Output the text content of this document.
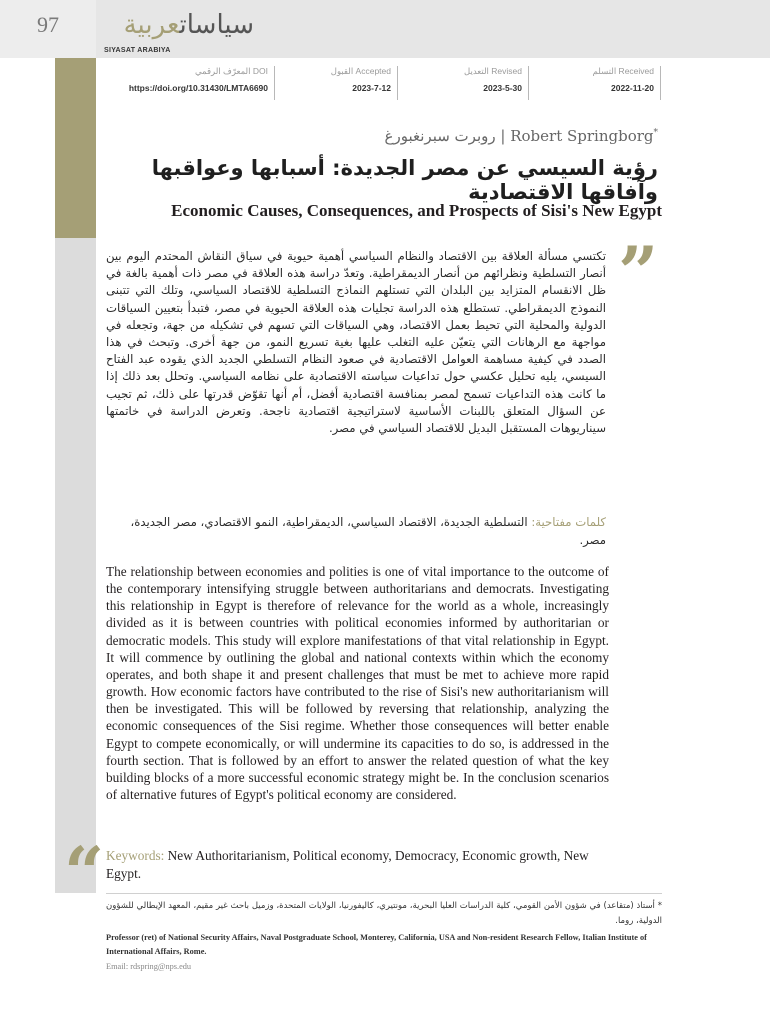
97	سياساتعربية
SIYASAT ARABIYA
المعرّف الرقمي DOI
https://doi.org/10.31430/LMTA6690
القبول Accepted
2023-7-12
التعديل Revised
2023-5-30
التسلم Received
2022-11-20
روبرت سبرنغبورغ | Robert Springborg*
رؤية السيسي عن مصر الجديدة: أسبابها وعواقبها وآفاقها الاقتصادية
Economic Causes, Consequences, and Prospects of Sisi's New Egypt
”
تكتسي مسألة العلاقة بين الاقتصاد والنظام السياسي أهمية حيوية في سياق النقاش المحتدم اليوم بين أنصار التسلطية ونظرائهم من أنصار الديمقراطية. وتعدّ دراسة هذه العلاقة في مصر ذات أهمية بالغة في ظل الانقسام المتزايد بين البلدان التي تستلهم النماذج التسلطية للاقتصاد السياسي، وتلك التي تتبنى النموذج الديمقراطي. تستطلع هذه الدراسة تجليات هذه العلاقة الحيوية في مصر، فتبدأ بتعيين السياقات الدولية والمحلية التي تحيط بعمل الاقتصاد، وهي السياقات التي تسهم في تشكيله من جهة، وتجعله في مواجهة مع الرهانات التي يتعيّن عليه التغلب عليها بغية تسريع النمو، من جهة أخرى. وتبحث في هذا الصدد في كيفية مساهمة العوامل الاقتصادية في صعود النظام التسلطي الجديد الذي يقوده عبد الفتاح السيسي، يليه تحليل عكسي حول تداعيات سياسته الاقتصادية على نظامه السياسي. وتحلل بعد ذلك إذا ما كانت هذه التداعيات تسمح لمصر بمنافسة اقتصادية أفضل، أم أنها تقوّض قدرتها على ذلك، ثم تجيب عن السؤال المتعلق باللبنات الأساسية لاستراتيجية اقتصادية ناجحة. وتعرض الدراسة في خاتمتها سيناريوهات المستقبل البديل للاقتصاد السياسي في مصر.
كلمات مفتاحية: التسلطية الجديدة، الاقتصاد السياسي، الديمقراطية، النمو الاقتصادي، مصر الجديدة، مصر.
The relationship between economies and polities is one of vital importance to the outcome of the contemporary intensifying struggle between authoritarians and democrats. Investigating this relationship in Egypt is therefore of relevance for the world as a whole, increasingly divided as it is between countries with political economies informed by authoritarian or democratic models. This study will explore manifestations of that vital relationship in Egypt. It will commence by outlining the global and national contexts within which the economy operates, and both shape it and present challenges that must be met to achieve more rapid growth. How economic factors have contributed to the rise of Sisi's new authoritarianism will then be investigated. This will be followed by reversing that relationship, analyzing the economic consequences of the Sisi regime. Whether those consequences will better enable Egypt to compete economically, or will undermine its capacities to do so, is addressed in the fourth section. That is followed by an effort to answer the related question of what the key building blocks of a more successful economic strategy might be. In the conclusion scenarios of alternative futures of Egypt's political economy are considered.
“ Keywords: New Authoritarianism, Political economy, Democracy, Economic growth, New Egypt.
* أستاذ (متقاعد) في شؤون الأمن القومي، كلية الدراسات العليا البحرية، مونتيري، كاليفورنيا، الولايات المتحدة، وزميل باحث غير مقيم، المعهد الإيطالي للشؤون الدولية، روما.
Professor (ret) of National Security Affairs, Naval Postgraduate School, Monterey, California, USA and Non-resident Research Fellow, Italian Institute of International Affairs, Rome.
Email: rdspring@nps.edu
